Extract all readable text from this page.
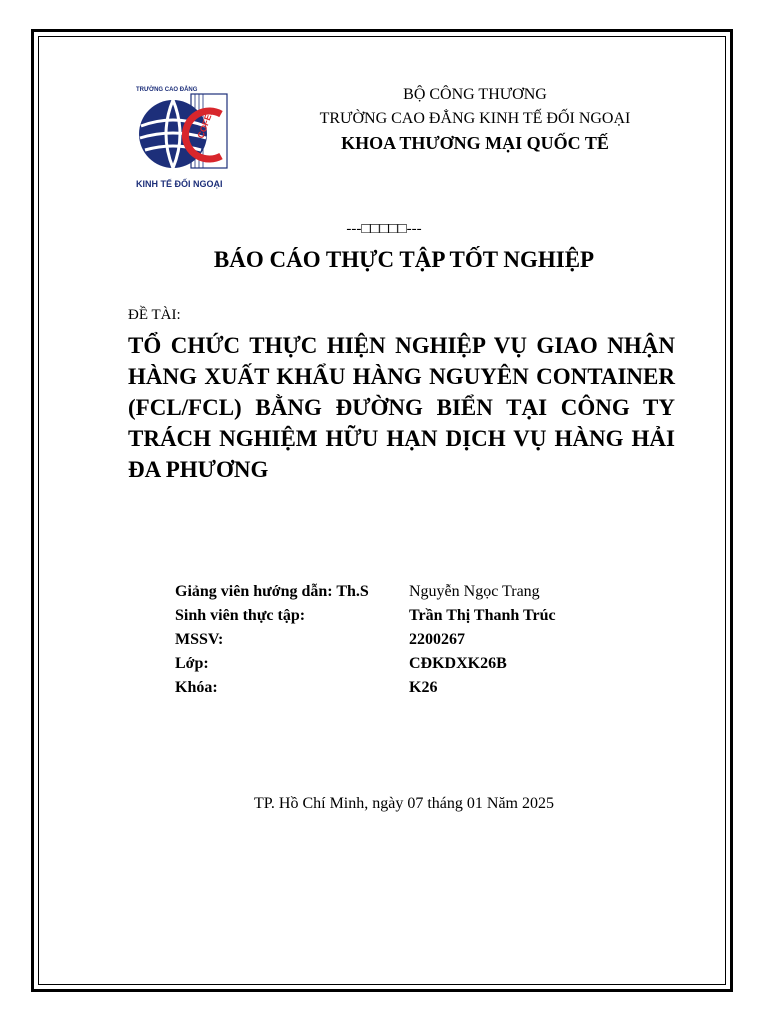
TRƯỜNG CAO ĐẲNG
COFER
KINH TẾ ĐỐI NGOẠI
BỘ CÔNG THƯƠNG
TRƯỜNG CAO ĐẲNG KINH TẾ ĐỐI NGOẠI
KHOA THƯƠNG MẠI QUỐC TẾ
---□□□□□---
BÁO CÁO THỰC TẬP TỐT NGHIỆP
ĐỀ TÀI:
TỔ CHỨC THỰC HIỆN NGHIỆP VỤ GIAO NHẬN HÀNG XUẤT KHẨU HÀNG NGUYÊN CONTAINER (FCL/FCL) BẰNG ĐƯỜNG BIỂN TẠI CÔNG TY TRÁCH NGHIỆM HỮU HẠN DỊCH VỤ HÀNG HẢI ĐA PHƯƠNG
Giảng viên hướng dẫn: Th.S	Nguyễn Ngọc Trang
Sinh viên thực tập:	Trần Thị Thanh Trúc
MSSV:	2200267
Lớp:	CĐKDXK26B
Khóa:	K26
TP. Hồ Chí Minh, ngày 07 tháng 01 Năm 2025
